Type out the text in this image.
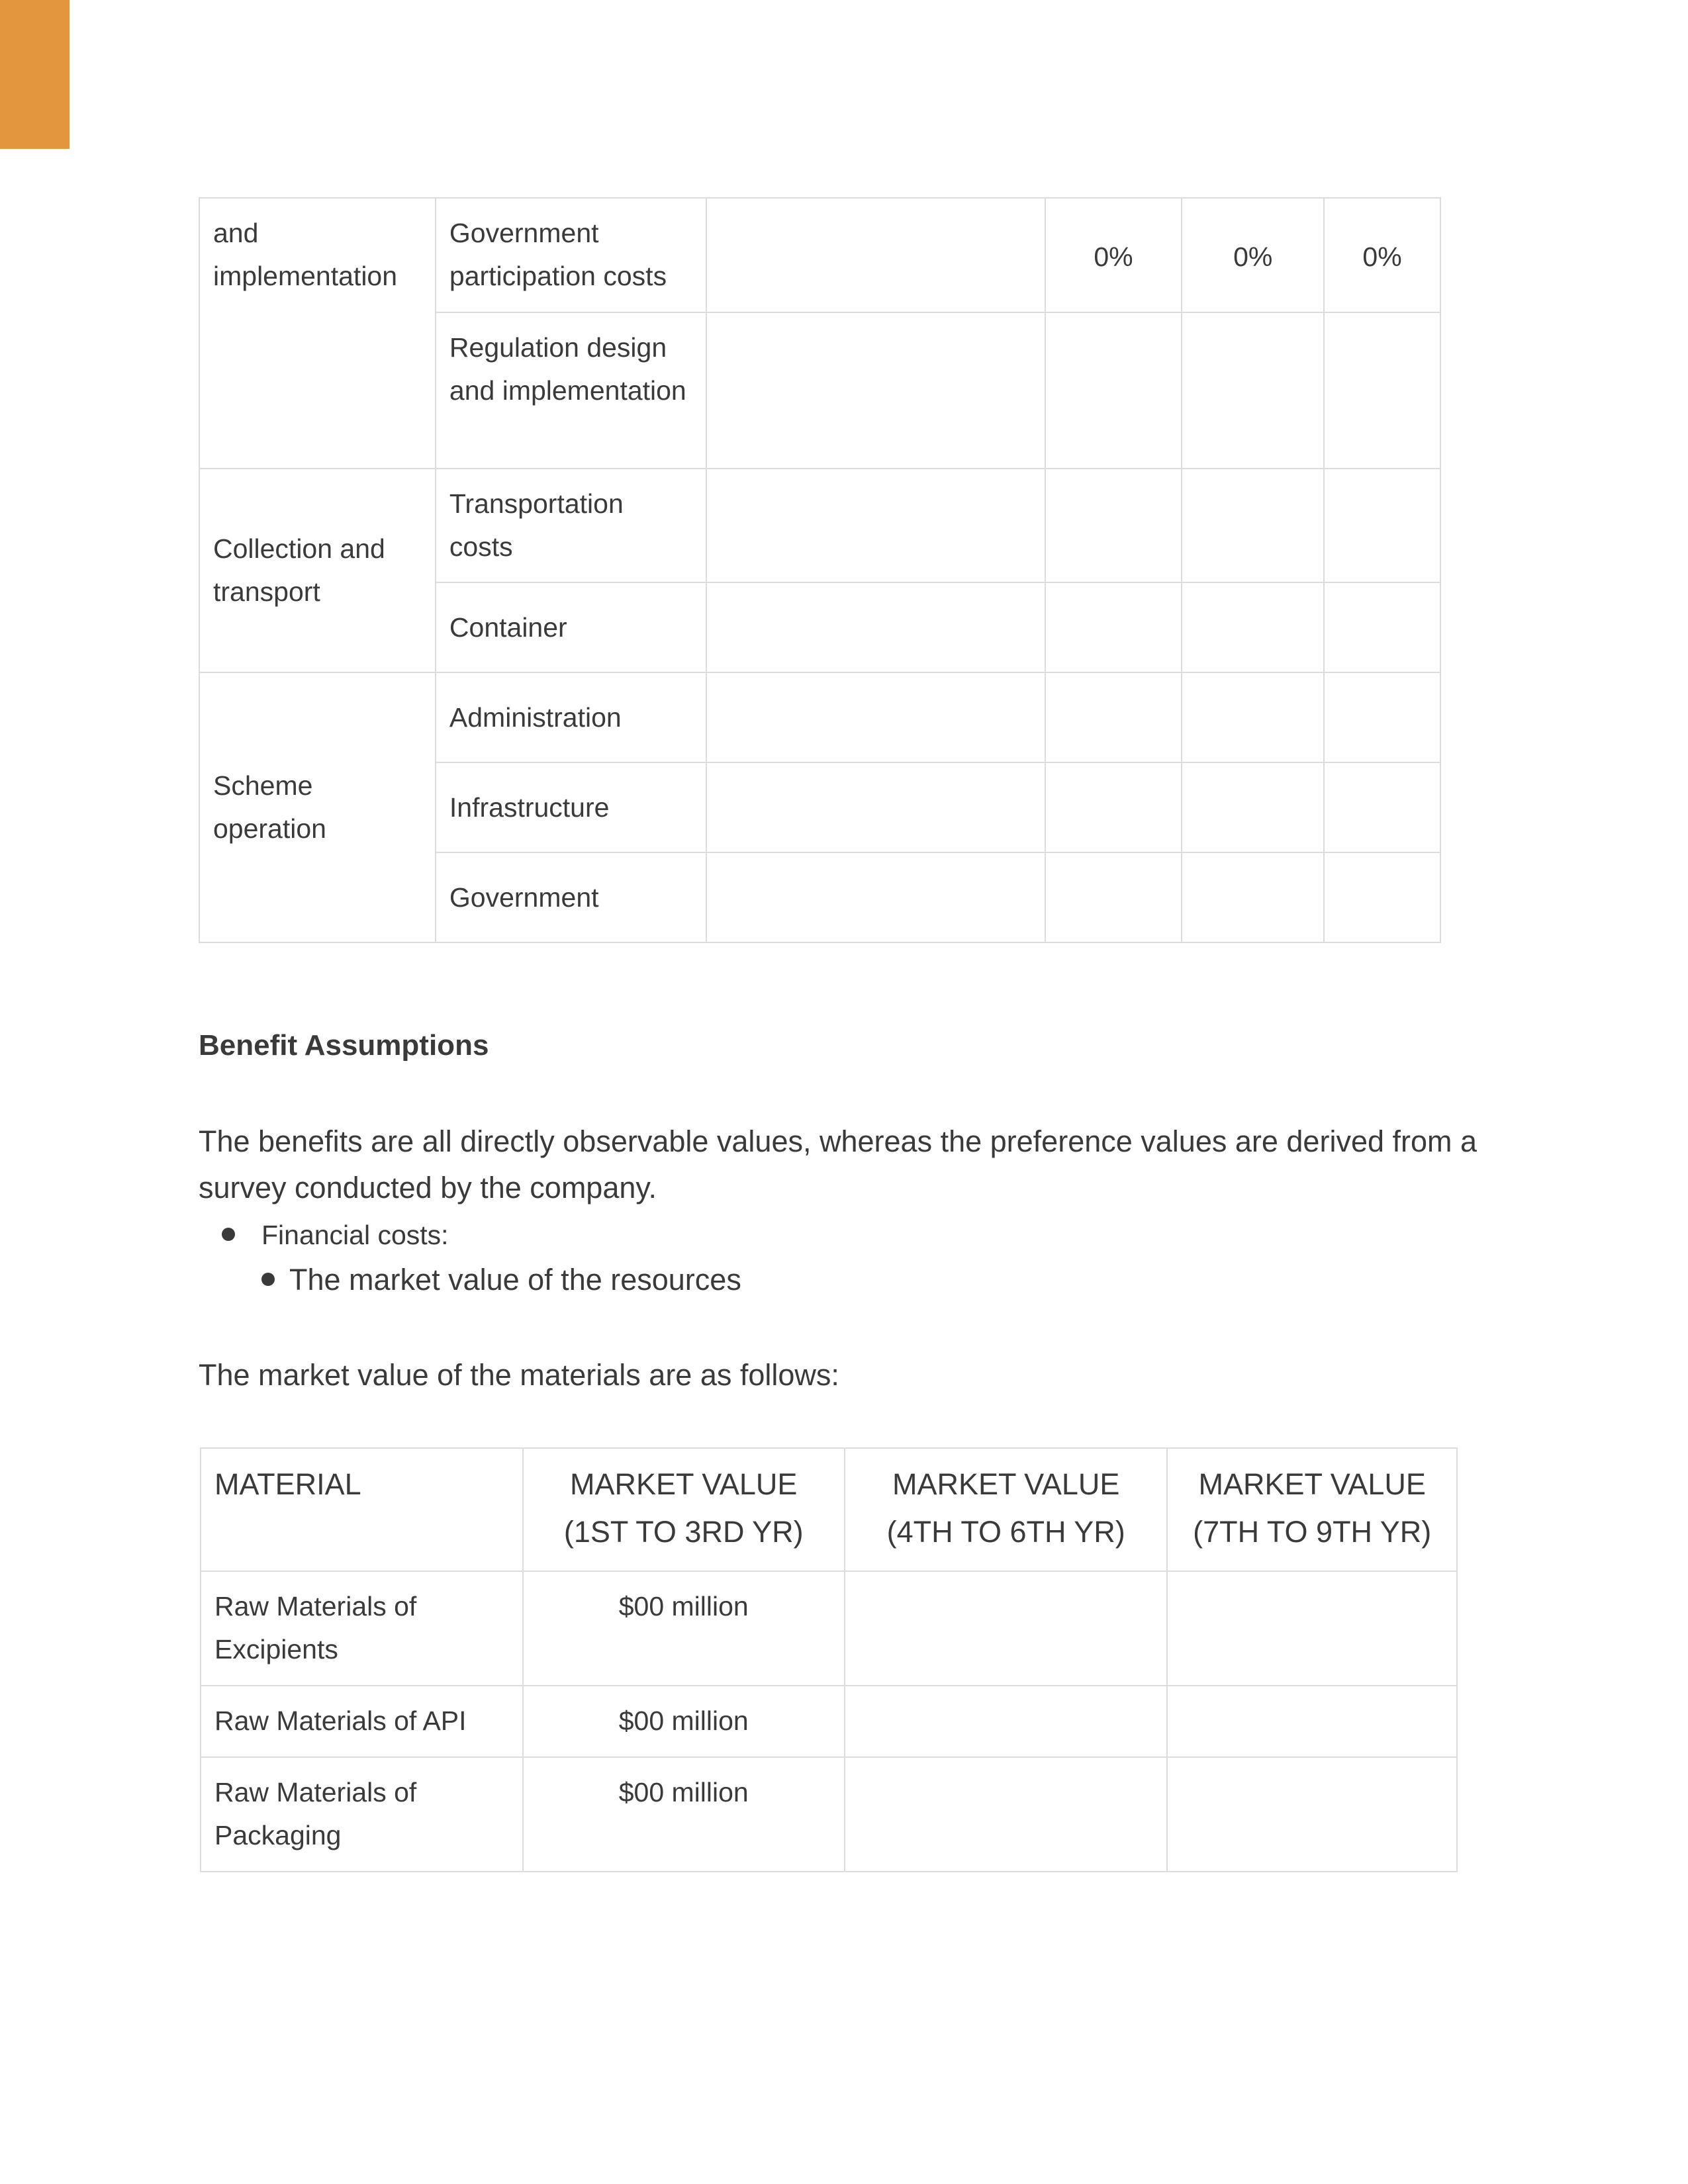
and implementation	Government participation costs		0%	0%	0%
	Regulation design and implementation				
Collection and transport	Transportation costs				
	Container				
Scheme operation	Administration				
	Infrastructure				
	Government				
Benefit Assumptions

The benefits are all directly observable values, whereas the preference values are derived from a survey conducted by the company.

Financial costs:
The market value of the resources

The market value of the materials are as follows:

MATERIAL	MARKET VALUE (1ST TO 3RD YR)	MARKET VALUE (4TH TO 6TH YR)	MARKET VALUE (7TH TO 9TH YR)
Raw Materials of Excipients	$00 million		
Raw Materials of API	$00 million		
Raw Materials of Packaging	$00 million		
